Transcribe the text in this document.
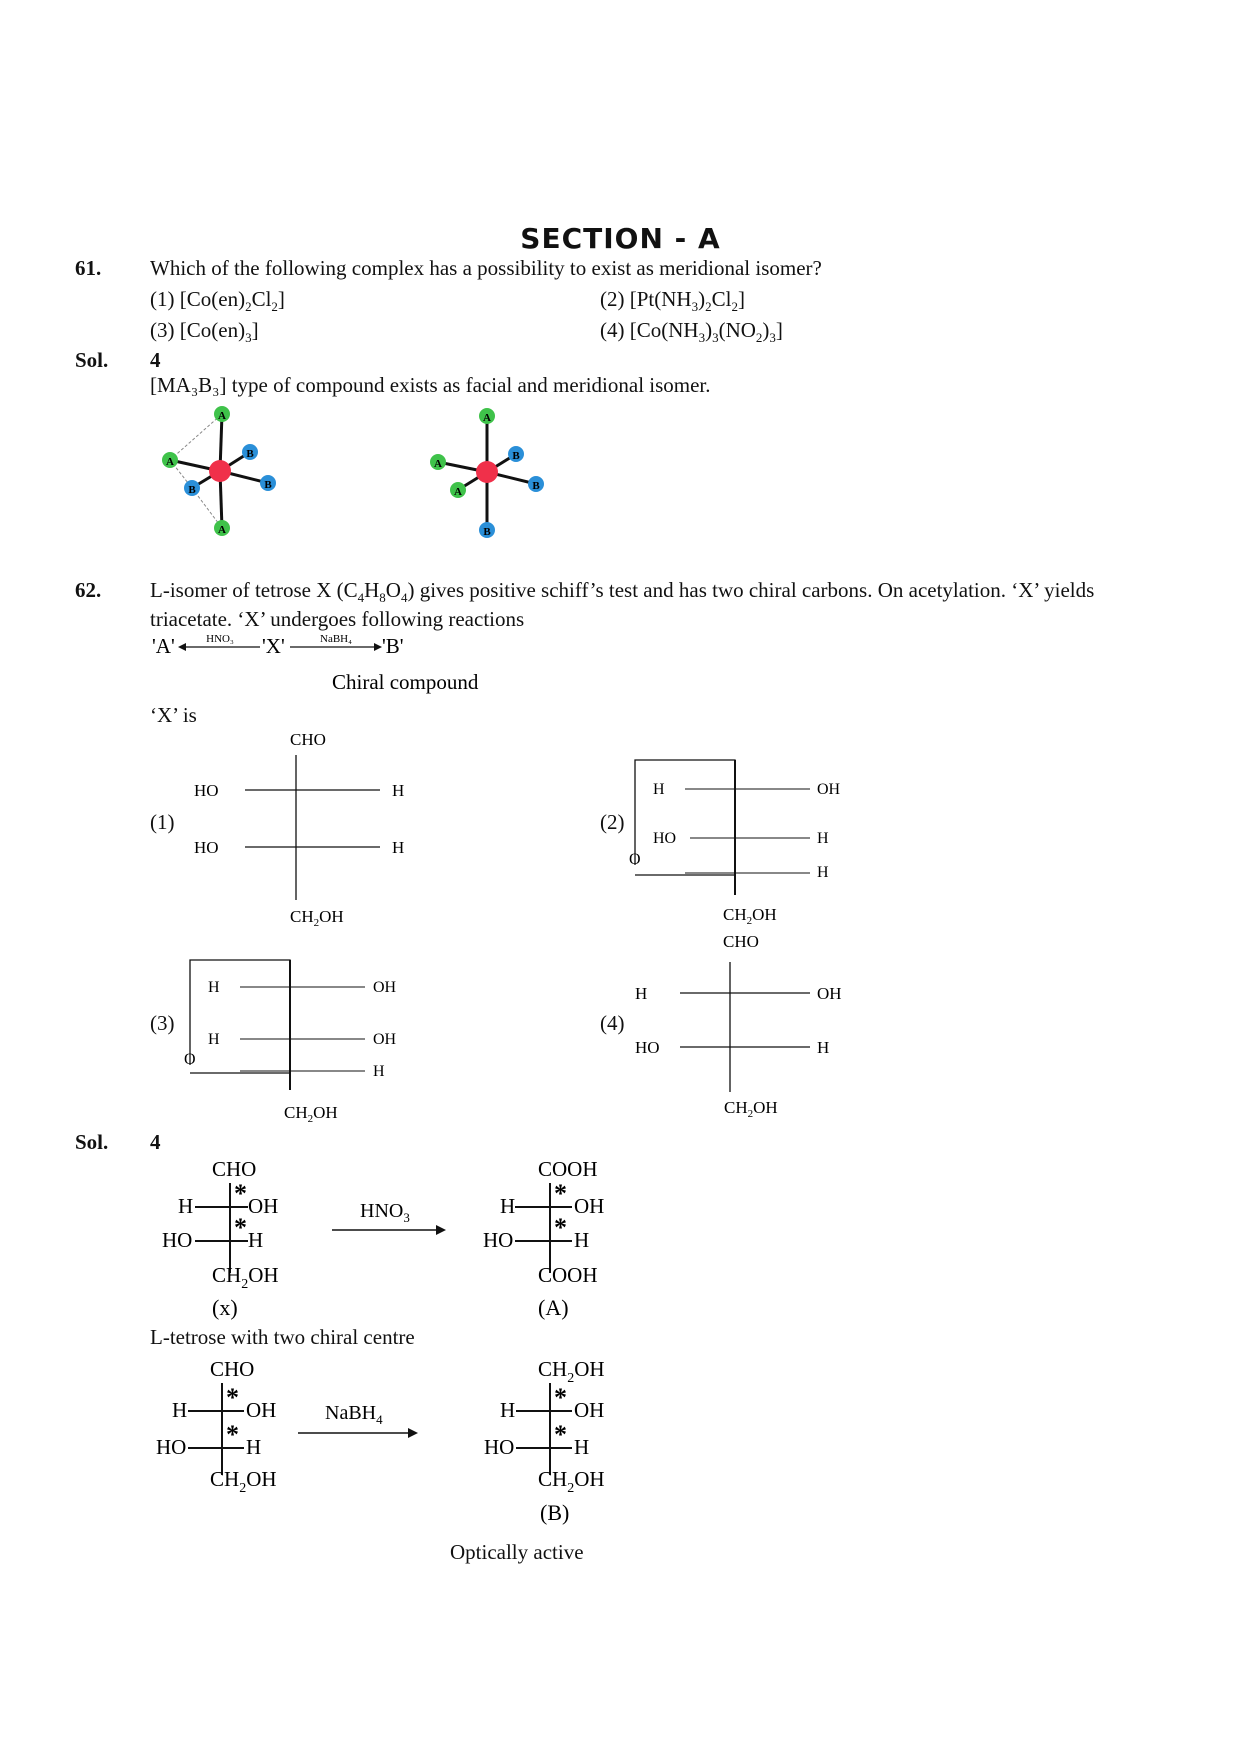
SECTION - A
61. Which of the following complex has a possibility to exist as meridional isomer?
(1) $[Co(en)_2Cl_2]$	(2) $[Pt(NH_3)_2Cl_2]$
(3) $[Co(en)_3]$	(4) $[Co(NH_3)_3(NO_2)_3]$
Sol. 4
[MA₃B₃] type of compound exists as facial and meridional isomer.
A
A
A
B
B
B
A
A
A
B
B
B
62. L-isomer of tetrose X $(C_4H_8O_4)$ gives positive schiff’s test and has two chiral carbons. On acetylation. ‘X’ yields
triacetate. ‘X’ undergoes following reactions
'A'	HNO₃ 'X'	NaBH₄ 'B'
Chiral compound
‘X’ is
(1)
CHO
HO	H
HO	H
$CH_2OH$
(2)
H	OH
HO	H
O
H
$CH_2OH$
CHO
(3)
H	OH
H	OH
O
H
$CH_2OH$
(4)
H	OH
HO	H
$CH_2OH$
Sol. 4
CHO
H * OH
HO * H
$CH_2OH$
(x)
$HNO_3$
COOH
H * OH
HO * H
COOH
(A)
L-tetrose with two chiral centre
CHO
H * OH
HO * H
$CH_2OH$
NaBH$_4$
$CH_2OH$
H * OH
HO * H
$CH_2OH$
(B)
Optically active
